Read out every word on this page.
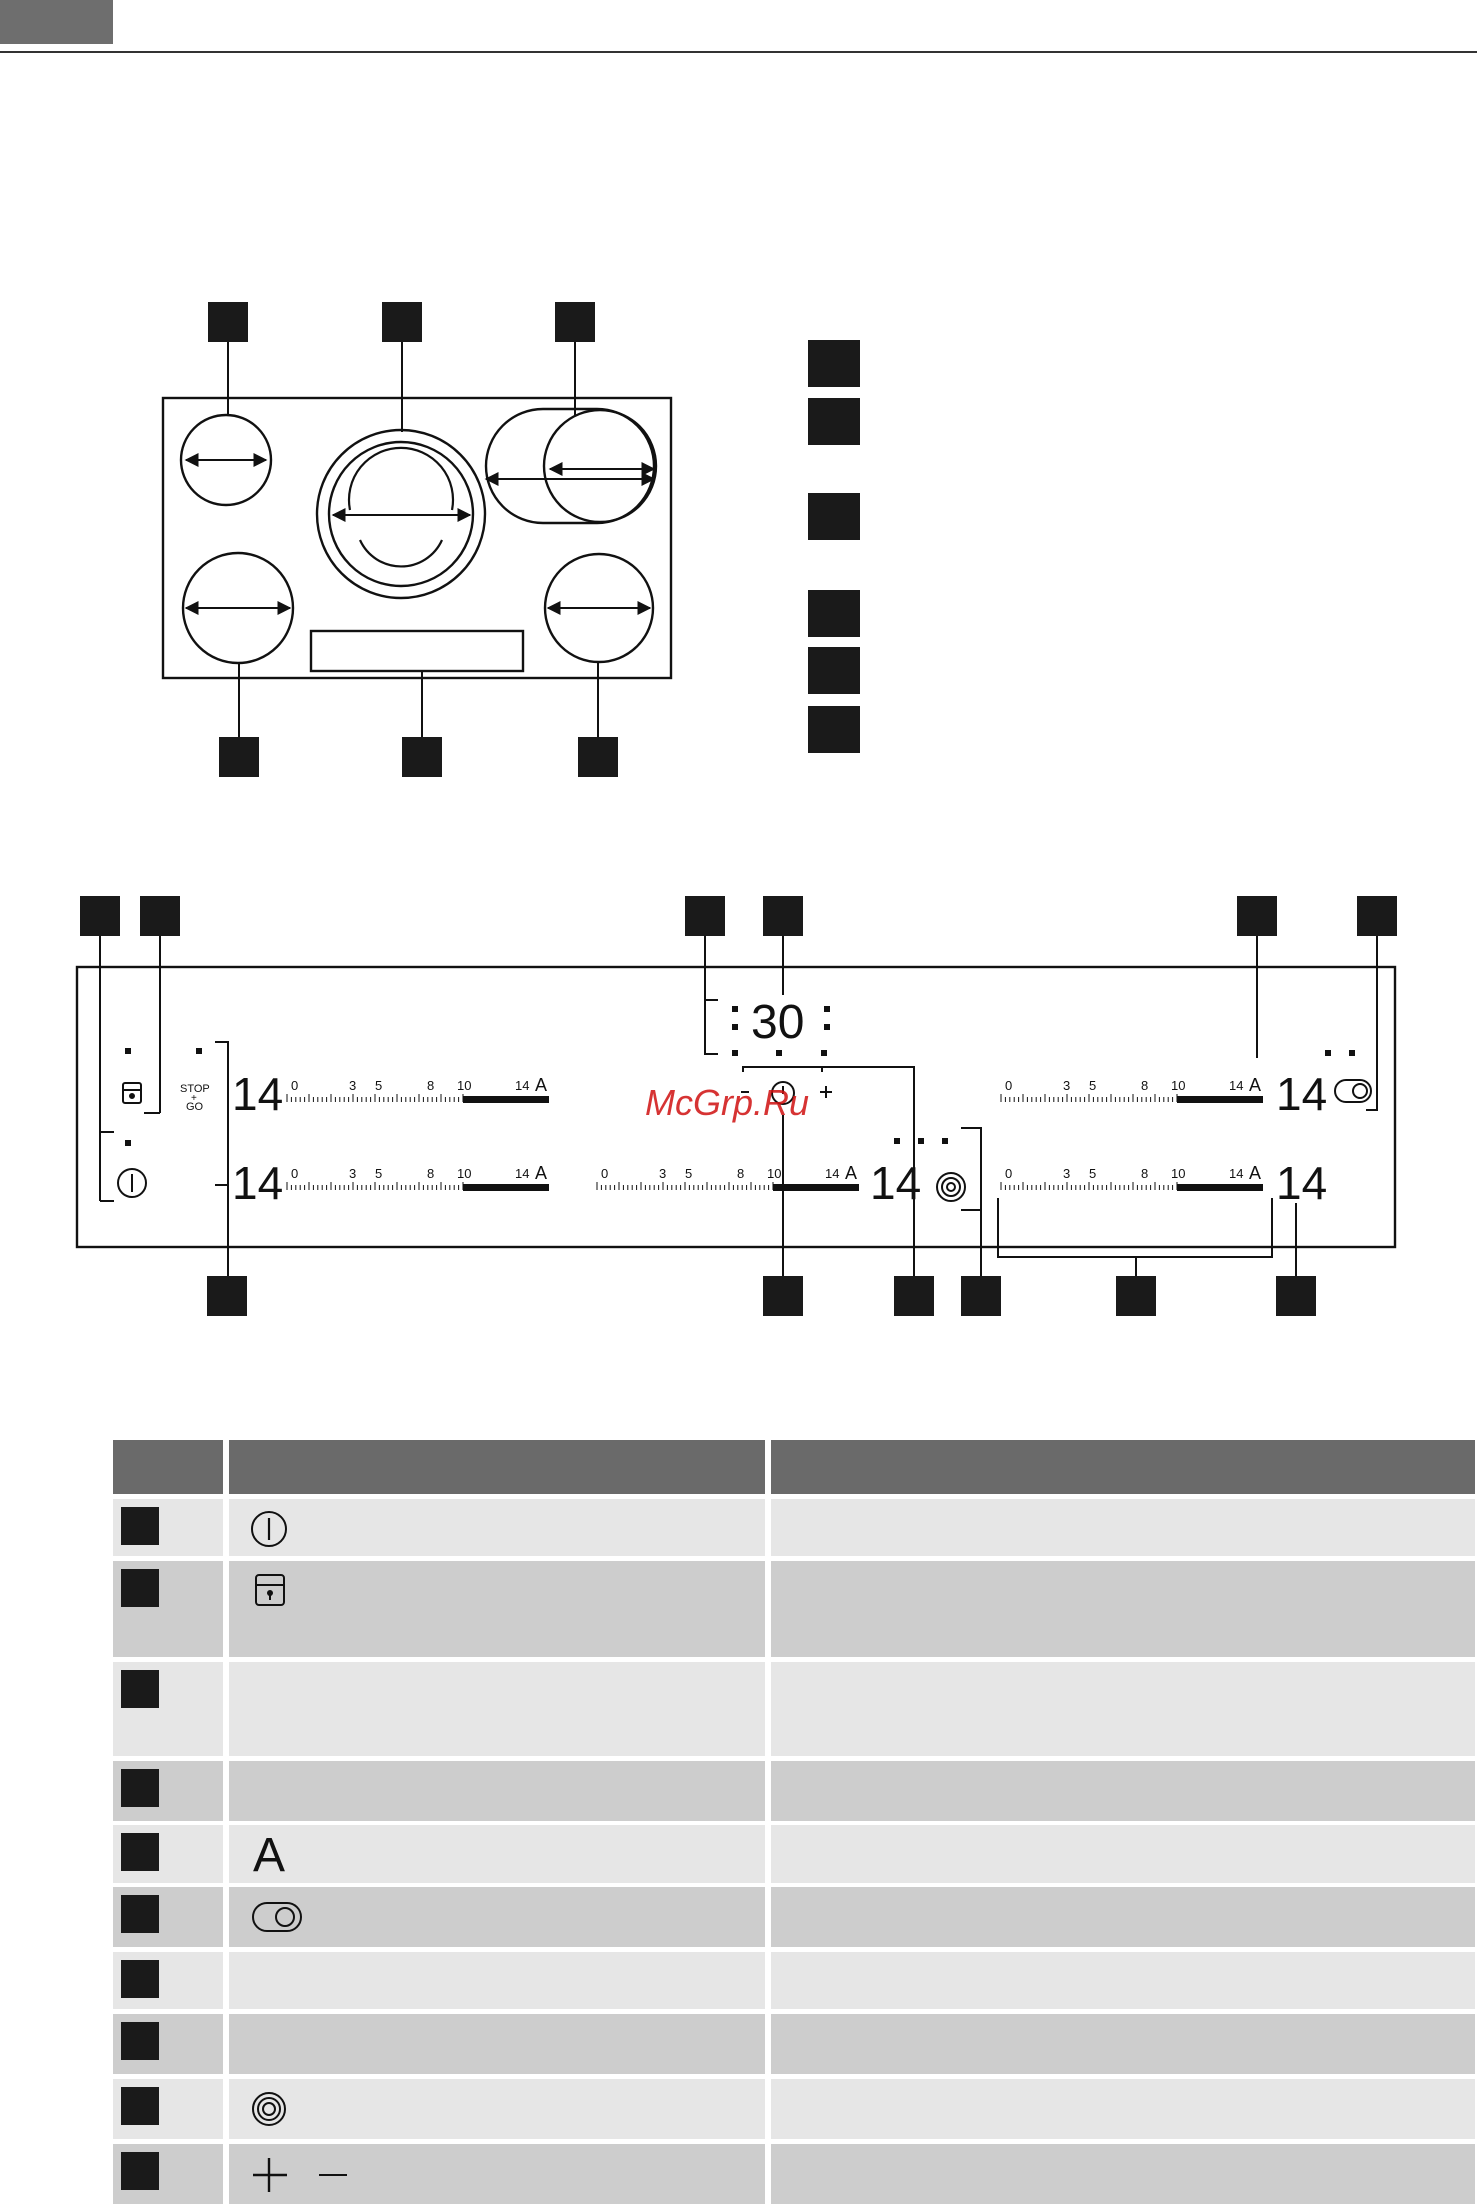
30
STOP
+
GO 14
14	14
14
14
0	3 5	8 10	14 A
0	3 5	8 10	14 A	0	3 5	8 10	14 A
0	3 5	8 10	14 A
0	3 5	8 10	14 A
McGrp.Ru
A
